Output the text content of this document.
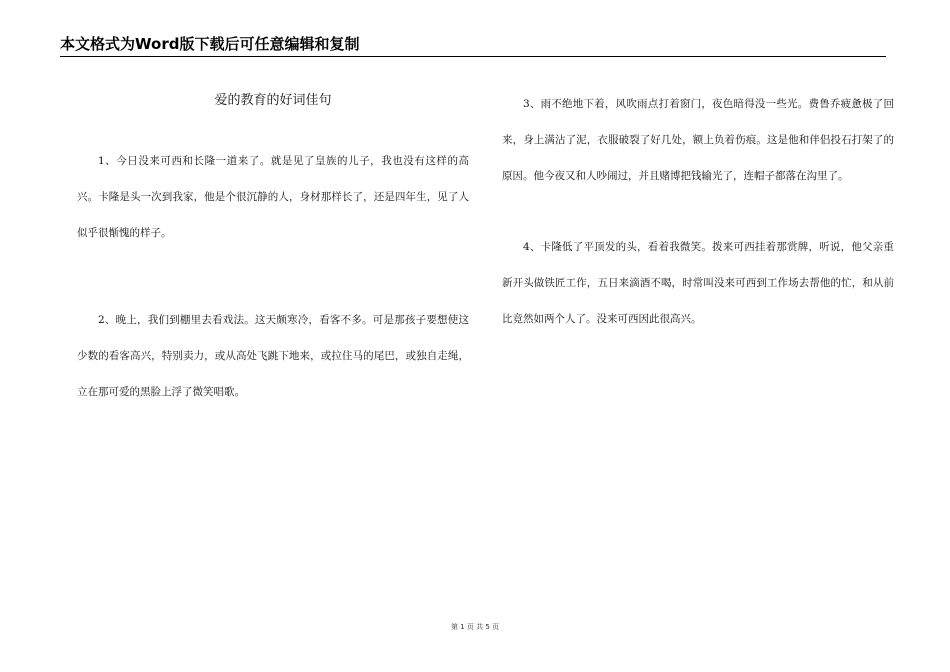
本文格式为Word版下载后可任意编辑和复制
爱的教育的好词佳句

1、今日没来可西和长隆一道来了。就是见了皇族的儿子，我也没有这样的高兴。卡隆是头一次到我家，他是个很沉静的人，身材那样长了，还是四年生，见了人似乎很惭愧的样子。

2、晚上，我们到棚里去看戏法。这天颇寒冷，看客不多。可是那孩子要想使这少数的看客高兴，特别卖力，或从高处飞跳下地来，或拉住马的尾巴，或独自走绳，立在那可爱的黑脸上浮了微笑唱歌。

3、雨不绝地下着，风吹雨点打着窗门，夜色暗得没一些光。费鲁乔疲惫极了回来，身上满沾了泥，衣服破裂了好几处，额上负着伤痕。这是他和伴侣投石打架了的原因。他今夜又和人吵闹过，并且赌博把钱输光了，连帽子都落在沟里了。

4、卡隆低了平顶发的头，看着我微笑。拨来可西挂着那赏牌，听说，他父亲重新开头做铁匠工作，五日来滴酒不喝，时常叫没来可西到工作场去帮他的忙，和从前比竟然如两个人了。没来可西因此很高兴。

第 1 页 共 5 页
